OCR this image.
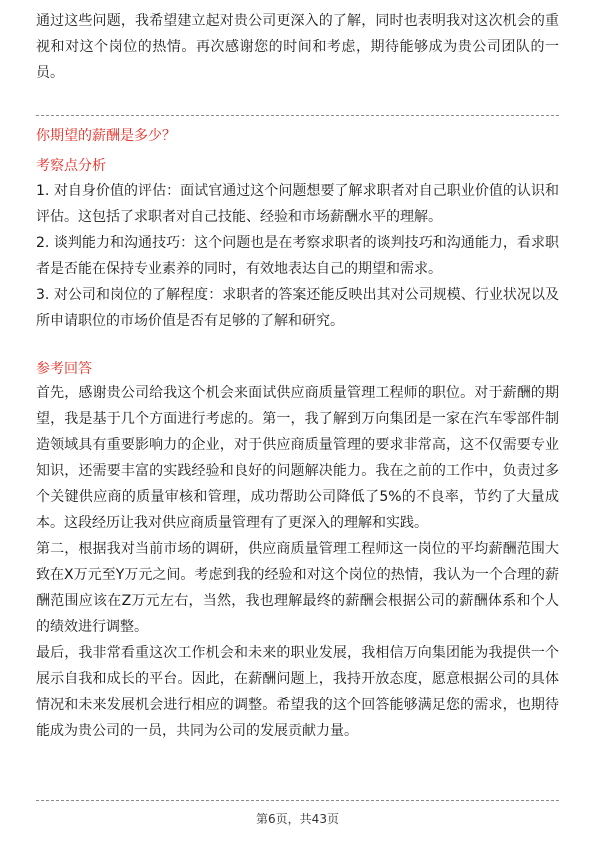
通过这些问题，我希望建立起对贵公司更深入的了解，同时也表明我对这次机会的重视和对这个岗位的热情。再次感谢您的时间和考虑，期待能够成为贵公司团队的一员。

你期望的薪酬是多少？
考察点分析

1. 对自身价值的评估：面试官通过这个问题想要了解求职者对自己职业价值的认识和评估。这包括了求职者对自己技能、经验和市场薪酬水平的理解。

2. 谈判能力和沟通技巧：这个问题也是在考察求职者的谈判技巧和沟通能力，看求职者是否能在保持专业素养的同时，有效地表达自己的期望和需求。

3. 对公司和岗位的了解程度：求职者的答案还能反映出其对公司规模、行业状况以及所申请职位的市场价值是否有足够的了解和研究。

参考回答

首先，感谢贵公司给我这个机会来面试供应商质量管理工程师的职位。对于薪酬的期望，我是基于几个方面进行考虑的。第一，我了解到万向集团是一家在汽车零部件制造领域具有重要影响力的企业，对于供应商质量管理的要求非常高，这不仅需要专业知识，还需要丰富的实践经验和良好的问题解决能力。我在之前的工作中，负责过多个关键供应商的质量审核和管理，成功帮助公司降低了5%的不良率，节约了大量成本。这段经历让我对供应商质量管理有了更深入的理解和实践。

第二，根据我对当前市场的调研，供应商质量管理工程师这一岗位的平均薪酬范围大致在X万元至Y万元之间。考虑到我的经验和对这个岗位的热情，我认为一个合理的薪酬范围应该在Z万元左右，当然，我也理解最终的薪酬会根据公司的薪酬体系和个人的绩效进行调整。

最后，我非常看重这次工作机会和未来的职业发展，我相信万向集团能为我提供一个展示自我和成长的平台。因此，在薪酬问题上，我持开放态度，愿意根据公司的具体情况和未来发展机会进行相应的调整。希望我的这个回答能够满足您的需求，也期待能成为贵公司的一员，共同为公司的发展贡献力量。

第6页，共43页
